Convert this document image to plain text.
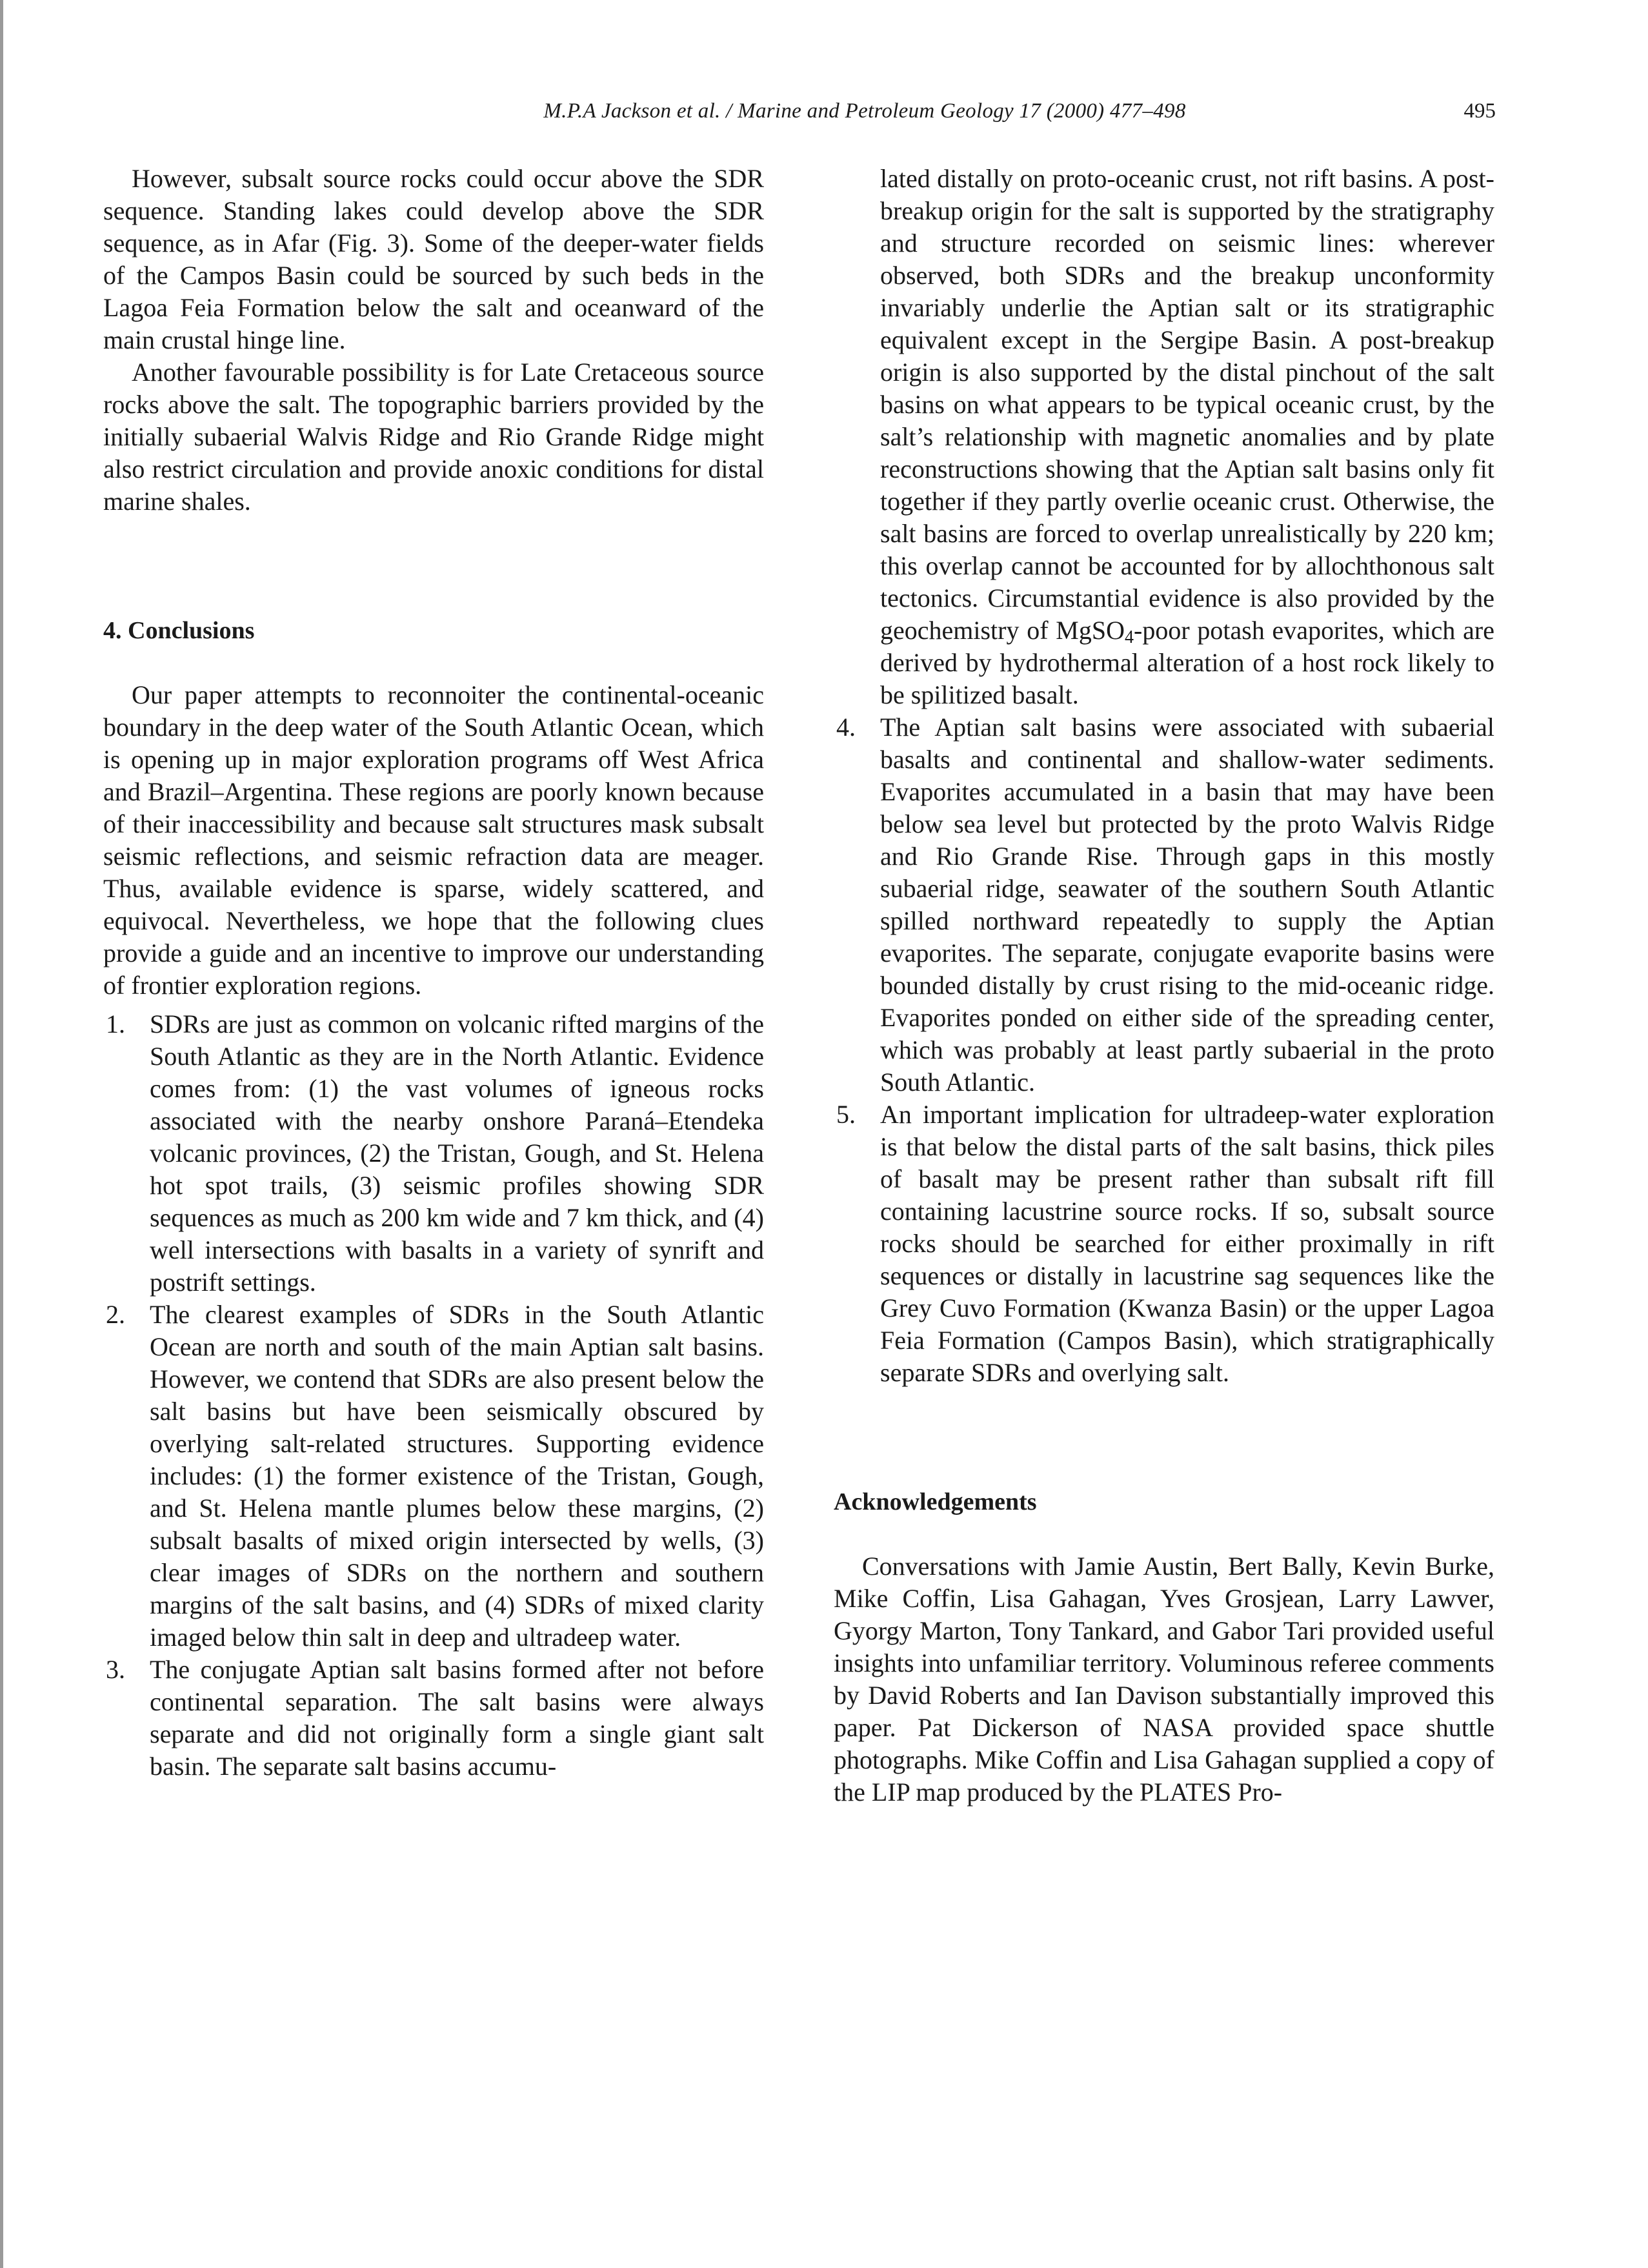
M.P.A Jackson et al. / Marine and Petroleum Geology 17 (2000) 477–498	495

However, subsalt source rocks could occur above the SDR sequence. Standing lakes could develop above the SDR sequence, as in Afar (Fig. 3). Some of the deeper-water fields of the Campos Basin could be sourced by such beds in the Lagoa Feia Formation below the salt and oceanward of the main crustal hinge line.

Another favourable possibility is for Late Cretaceous source rocks above the salt. The topographic barriers provided by the initially subaerial Walvis Ridge and Rio Grande Ridge might also restrict circulation and provide anoxic conditions for distal marine shales.

4. Conclusions

Our paper attempts to reconnoiter the continental-oceanic boundary in the deep water of the South Atlantic Ocean, which is opening up in major exploration programs off West Africa and Brazil–Argentina. These regions are poorly known because of their inaccessibility and because salt structures mask subsalt seismic reflections, and seismic refraction data are meager. Thus, available evidence is sparse, widely scattered, and equivocal. Nevertheless, we hope that the following clues provide a guide and an incentive to improve our understanding of frontier exploration regions.

1. SDRs are just as common on volcanic rifted margins of the South Atlantic as they are in the North Atlantic. Evidence comes from: (1) the vast volumes of igneous rocks associated with the nearby onshore Paraná–Etendeka volcanic provinces, (2) the Tristan, Gough, and St. Helena hot spot trails, (3) seismic profiles showing SDR sequences as much as 200 km wide and 7 km thick, and (4) well intersections with basalts in a variety of synrift and postrift settings.

2. The clearest examples of SDRs in the South Atlantic Ocean are north and south of the main Aptian salt basins. However, we contend that SDRs are also present below the salt basins but have been seismically obscured by overlying salt-related structures. Supporting evidence includes: (1) the former existence of the Tristan, Gough, and St. Helena mantle plumes below these margins, (2) subsalt basalts of mixed origin intersected by wells, (3) clear images of SDRs on the northern and southern margins of the salt basins, and (4) SDRs of mixed clarity imaged below thin salt in deep and ultradeep water.

3. The conjugate Aptian salt basins formed after not before continental separation. The salt basins were always separate and did not originally form a single giant salt basin. The separate salt basins accumu-

lated distally on proto-oceanic crust, not rift basins. A post-breakup origin for the salt is supported by the stratigraphy and structure recorded on seismic lines: wherever observed, both SDRs and the breakup unconformity invariably underlie the Aptian salt or its stratigraphic equivalent except in the Sergipe Basin. A post-breakup origin is also supported by the distal pinchout of the salt basins on what appears to be typical oceanic crust, by the salt’s relationship with magnetic anomalies and by plate reconstructions showing that the Aptian salt basins only fit together if they partly overlie oceanic crust. Otherwise, the salt basins are forced to overlap unrealistically by 220 km; this overlap cannot be accounted for by allochthonous salt tectonics. Circumstantial evidence is also provided by the geochemistry of MgSO$_4$-poor potash evaporites, which are derived by hydrothermal alteration of a host rock likely to be spilitized basalt.

4. The Aptian salt basins were associated with subaerial basalts and continental and shallow-water sediments. Evaporites accumulated in a basin that may have been below sea level but protected by the proto Walvis Ridge and Rio Grande Rise. Through gaps in this mostly subaerial ridge, seawater of the southern South Atlantic spilled northward repeatedly to supply the Aptian evaporites. The separate, conjugate evaporite basins were bounded distally by crust rising to the mid-oceanic ridge. Evaporites ponded on either side of the spreading center, which was probably at least partly subaerial in the proto South Atlantic.

5. An important implication for ultradeep-water exploration is that below the distal parts of the salt basins, thick piles of basalt may be present rather than subsalt rift fill containing lacustrine source rocks. If so, subsalt source rocks should be searched for either proximally in rift sequences or distally in lacustrine sag sequences like the Grey Cuvo Formation (Kwanza Basin) or the upper Lagoa Feia Formation (Campos Basin), which stratigraphically separate SDRs and overlying salt.

Acknowledgements

Conversations with Jamie Austin, Bert Bally, Kevin Burke, Mike Coffin, Lisa Gahagan, Yves Grosjean, Larry Lawver, Gyorgy Marton, Tony Tankard, and Gabor Tari provided useful insights into unfamiliar territory. Voluminous referee comments by David Roberts and Ian Davison substantially improved this paper. Pat Dickerson of NASA provided space shuttle photographs. Mike Coffin and Lisa Gahagan supplied a copy of the LIP map produced by the PLATES Pro-
